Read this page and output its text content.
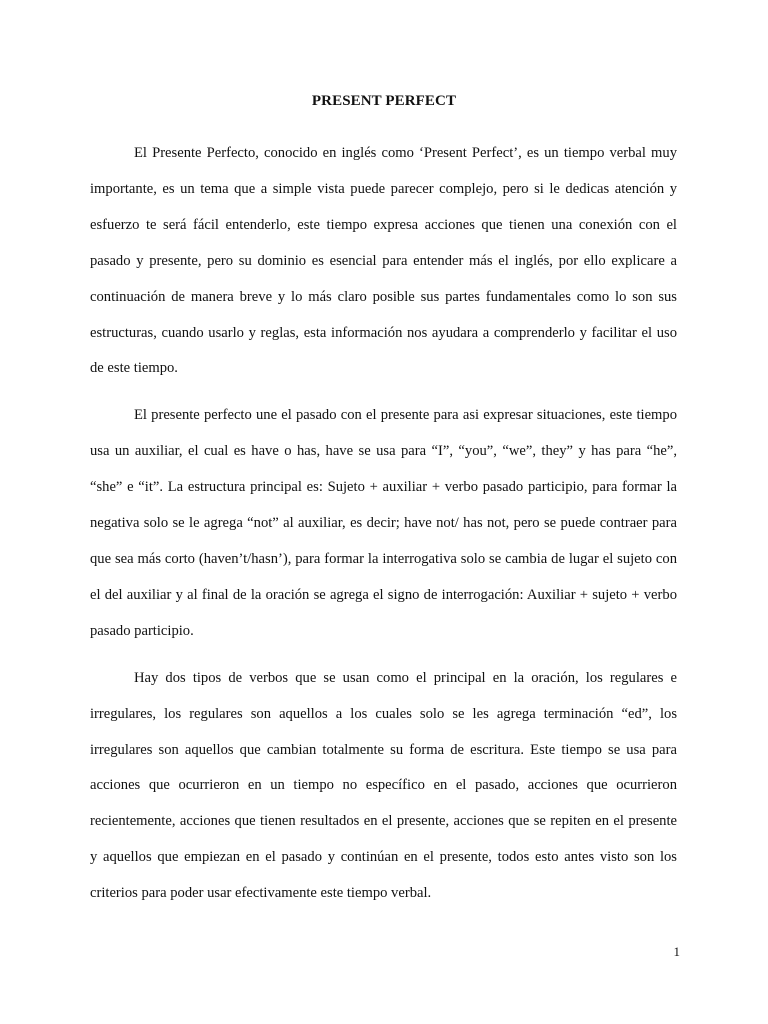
PRESENT PERFECT

El Presente Perfecto, conocido en inglés como ‘Present Perfect’, es un tiempo verbal muy importante, es un tema que a simple vista puede parecer complejo, pero si le dedicas atención y esfuerzo te será fácil entenderlo, este tiempo expresa acciones que tienen una conexión con el pasado y presente, pero su dominio es esencial para entender más el inglés, por ello explicare a continuación de manera breve y lo más claro posible sus partes fundamentales como lo son sus estructuras, cuando usarlo y reglas, esta información nos ayudara a comprenderlo y facilitar el uso de este tiempo.

El presente perfecto une el pasado con el presente para asi expresar situaciones, este tiempo usa un auxiliar, el cual es have o has, have se usa para “I”, “you”, “we”, they” y has para “he”, “she” e “it”. La estructura principal es: Sujeto + auxiliar + verbo pasado participio, para formar la negativa solo se le agrega “not” al auxiliar, es decir; have not/ has not, pero se puede contraer para que sea más corto (haven’t/hasn’), para formar la interrogativa solo se cambia de lugar el sujeto con el del auxiliar y al final de la oración se agrega el signo de interrogación: Auxiliar + sujeto + verbo pasado participio.

Hay dos tipos de verbos que se usan como el principal en la oración, los regulares e irregulares, los regulares son aquellos a los cuales solo se les agrega terminación “ed”, los irregulares son aquellos que cambian totalmente su forma de escritura. Este tiempo se usa para acciones que ocurrieron en un tiempo no específico en el pasado, acciones que ocurrieron recientemente, acciones que tienen resultados en el presente, acciones que se repiten en el presente y aquellos que empiezan en el pasado y continúan en el presente, todos esto antes visto son los criterios para poder usar efectivamente este tiempo verbal.

1
